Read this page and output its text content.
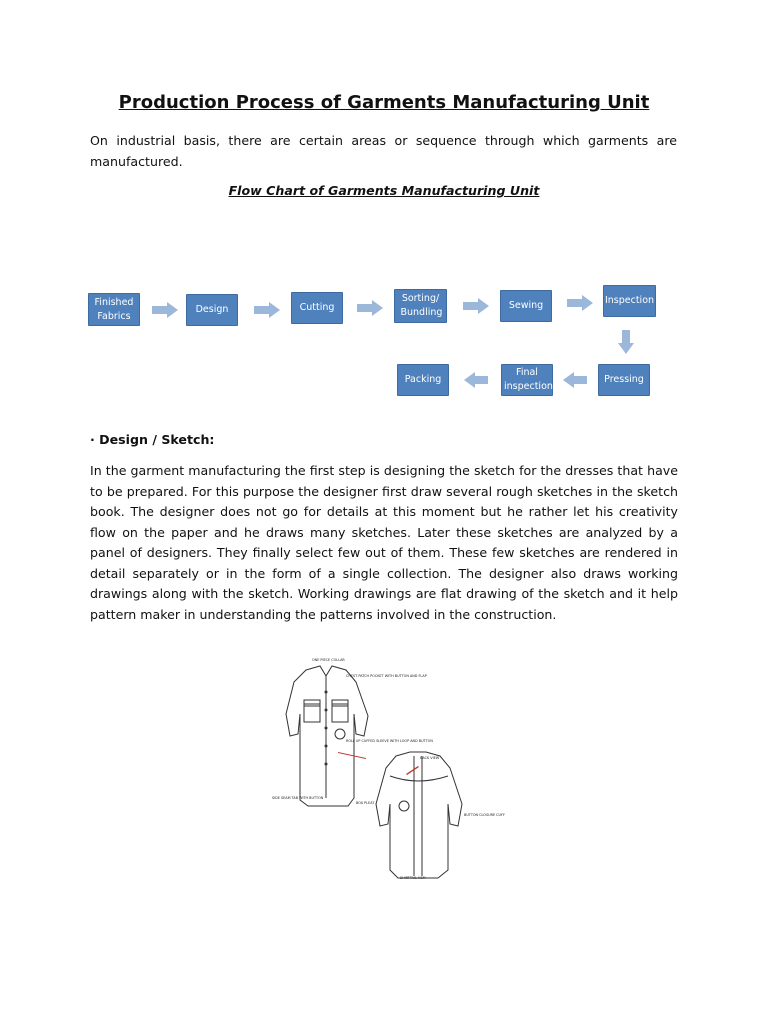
Production Process of Garments Manufacturing Unit

On industrial basis, there are certain areas or sequence through which garments are manufactured.

Flow Chart of Garments Manufacturing Unit

Finished Fabrics
Design	Cutting
Sorting/ Bundling
Sewing	Inspection
Pressing
Final inspection
Packing

· Design / Sketch:

In the garment manufacturing the first step is designing the sketch for the dresses that have to be prepared. For this purpose the designer first draw several rough sketches in the sketch book. The designer does not go for details at this moment but he rather let his creativity flow on the paper and he draws many sketches. Later these sketches are analyzed by a panel of designers. They finally select few out of them. These few sketches are rendered in detail separately or in the form of a single collection. The designer also draws working drawings along with the sketch. Working drawings are flat drawing of the sketch and it help pattern maker in understanding the patterns involved in the construction.

ONE PIECE COLLAR
CHEST PATCH POCKET WITH BUTTON AND FLAP
ROLL UP CUFFED SLEEVE WITH LOOP AND BUTTON
BACK VIEW
SIDE SEAM TAB WITH BUTTON
BOX PLEAT
BUTTON CLOSURE CUFF
SHIRTTAIL HEM
